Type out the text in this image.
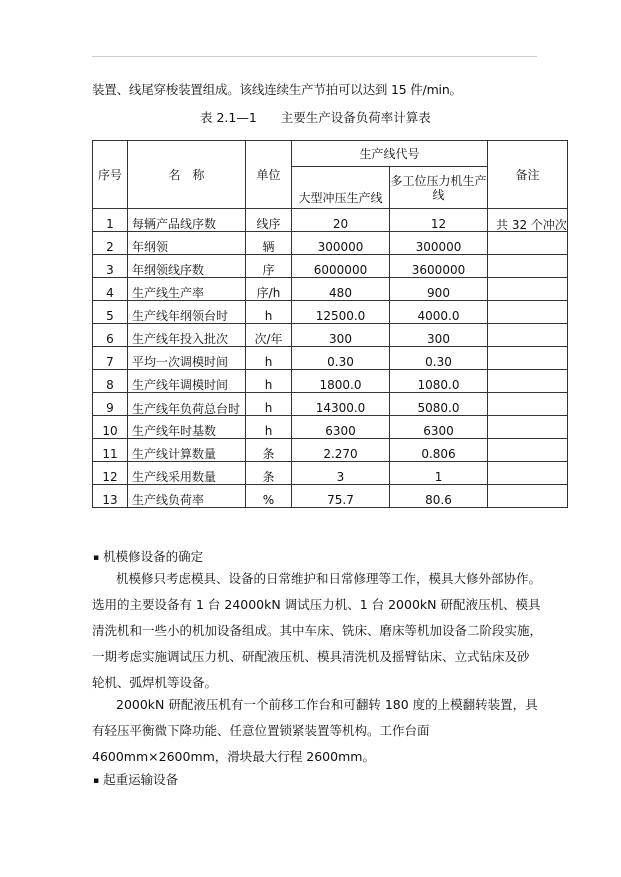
装置、线尾穿梭装置组成。该线连续生产节拍可以达到 15 件/min。
表 2.1—1 主要生产设备负荷率计算表
序号	名　称	单位	生产线代号		备注
			大型冲压生产线	多工位压力机生产线	
1	每辆产品线序数	线序	20	12	共 32 个冲次
2	年纲领	辆	300000	300000	
3	年纲领线序数	序	6000000	3600000	
4	生产线生产率	序/h	480	900	
5	生产线年纲领台时	h	12500.0	4000.0	
6	生产线年投入批次	次/年	300	300	
7	平均一次调模时间	h	0.30	0.30	
8	生产线年调模时间	h	1800.0	1080.0	
9	生产线年负荷总台时	h	14300.0	5080.0	
10	生产线年时基数	h	6300	6300	
11	生产线计算数量	条	2.270	0.806	
12	生产线采用数量	条	3	1	
13	生产线负荷率	%	75.7	80.6	
▪ 机模修设备的确定

机模修只考虑模具、设备的日常维护和日常修理等工作，模具大修外部协作。

选用的主要设备有 1 台 24000kN 调试压力机、1 台 2000kN 研配液压机、模具

清洗机和一些小的机加设备组成。其中车床、铣床、磨床等机加设备二阶段实施，

一期考虑实施调试压力机、研配液压机、模具清洗机及摇臂钻床、立式钻床及砂

轮机、弧焊机等设备。

2000kN 研配液压机有一个前移工作台和可翻转 180 度的上模翻转装置，具

有轻压平衡微下降功能、任意位置锁紧装置等机构。工作台面

4600mm×2600mm，滑块最大行程 2600mm。

▪ 起重运输设备
